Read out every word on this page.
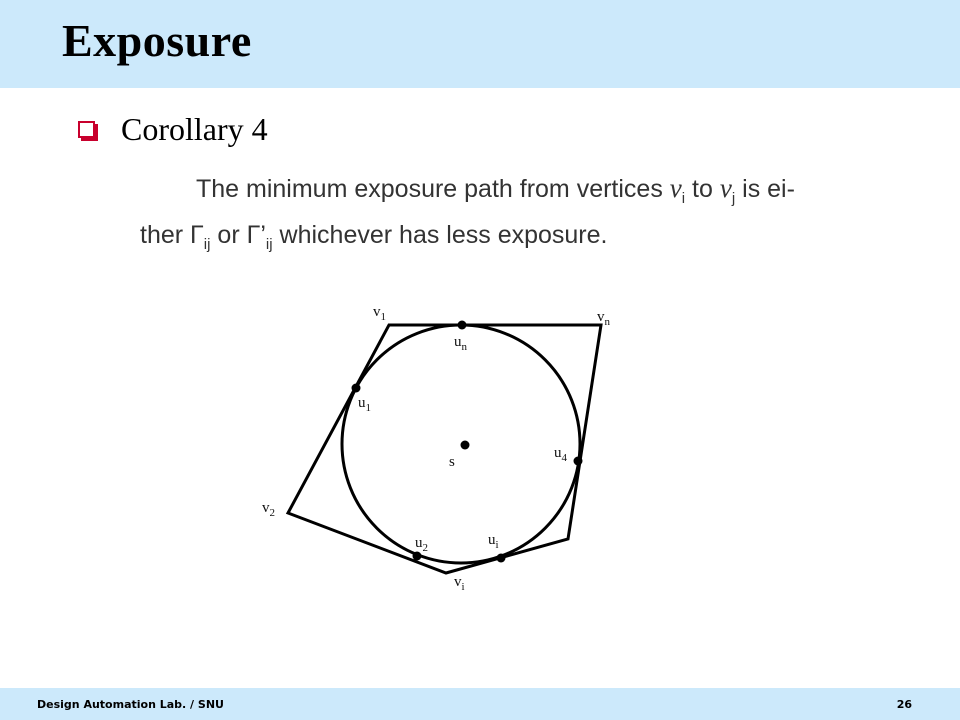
Exposure
Corollary 4
The minimum exposure path from vertices $v_i$ to $v_j$ is ei-
ther $\Gamma_{ij}$ or $\Gamma’_{ij}$ whichever has less exposure.
$v_1$	$v_n$
$v_2$
$v_i$
$u_n$
$u_1$
$u_4$
$u_2$	$u_i$
s
Design Automation Lab. / SNU	26
